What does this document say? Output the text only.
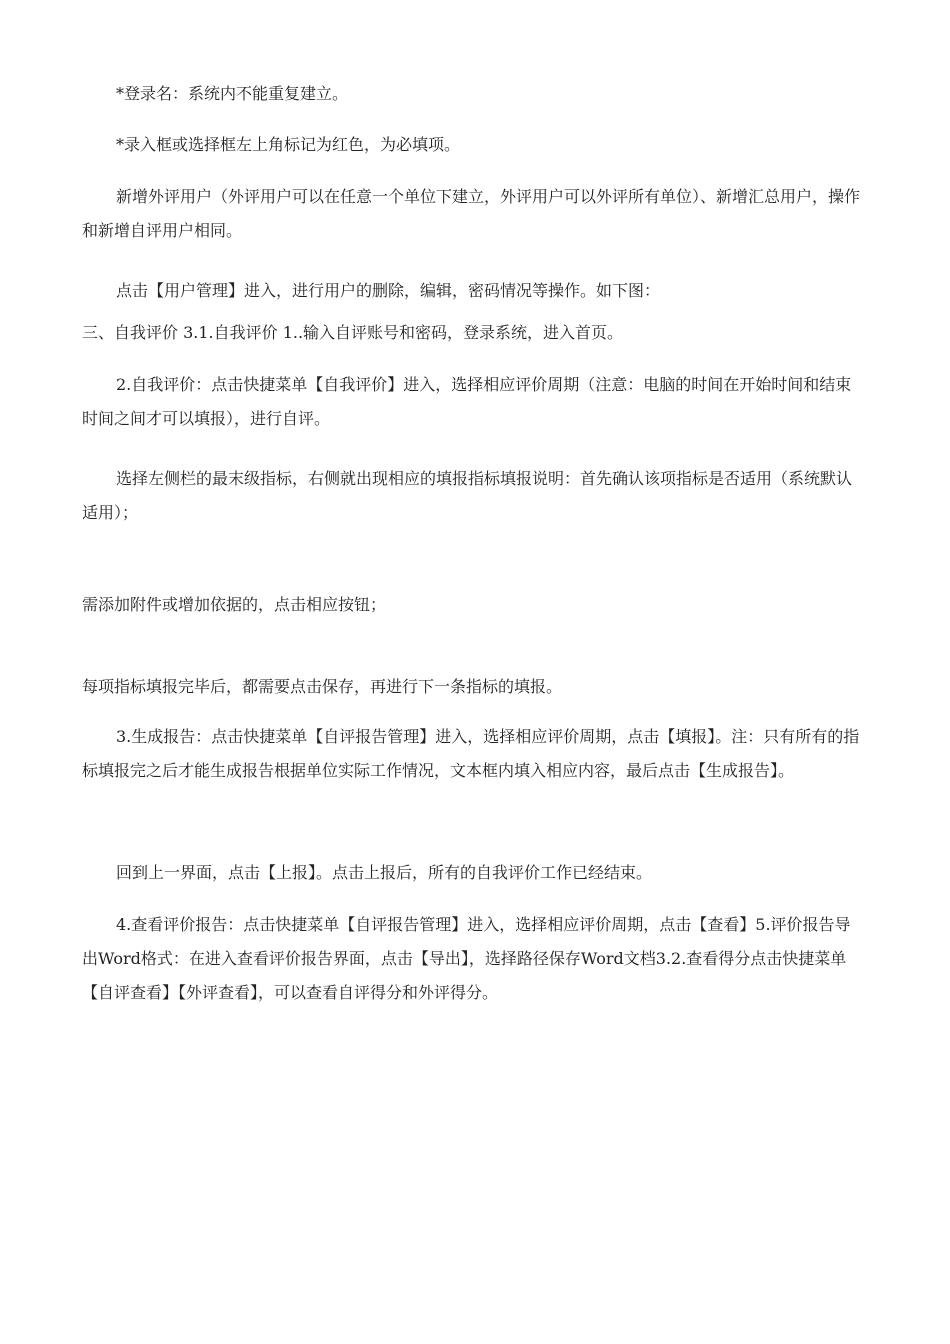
*登录名：系统内不能重复建立。

*录入框或选择框左上角标记为红色，为必填项。

新增外评用户（外评用户可以在任意一个单位下建立，外评用户可以外评所有单位）、新增汇总用户，操作和新增自评用户相同。

点击【用户管理】进入，进行用户的删除，编辑，密码情况等操作。如下图：

三、自我评价 3.1.自我评价 1..输入自评账号和密码，登录系统，进入首页。

2.自我评价：点击快捷菜单【自我评价】进入，选择相应评价周期（注意：电脑的时间在开始时间和结束时间之间才可以填报），进行自评。

选择左侧栏的最末级指标，右侧就出现相应的填报指标填报说明：首先确认该项指标是否适用（系统默认适用）；

需添加附件或增加依据的，点击相应按钮；

每项指标填报完毕后，都需要点击保存，再进行下一条指标的填报。

3.生成报告：点击快捷菜单【自评报告管理】进入，选择相应评价周期，点击【填报】。注：只有所有的指标填报完之后才能生成报告根据单位实际工作情况，文本框内填入相应内容，最后点击【生成报告】。

回到上一界面，点击【上报】。点击上报后，所有的自我评价工作已经结束。

4.查看评价报告：点击快捷菜单【自评报告管理】进入，选择相应评价周期，点击【查看】5.评价报告导出Word格式：在进入查看评价报告界面，点击【导出】，选择路径保存Word文档3.2.查看得分点击快捷菜单【自评查看】【外评查看】，可以查看自评得分和外评得分。
